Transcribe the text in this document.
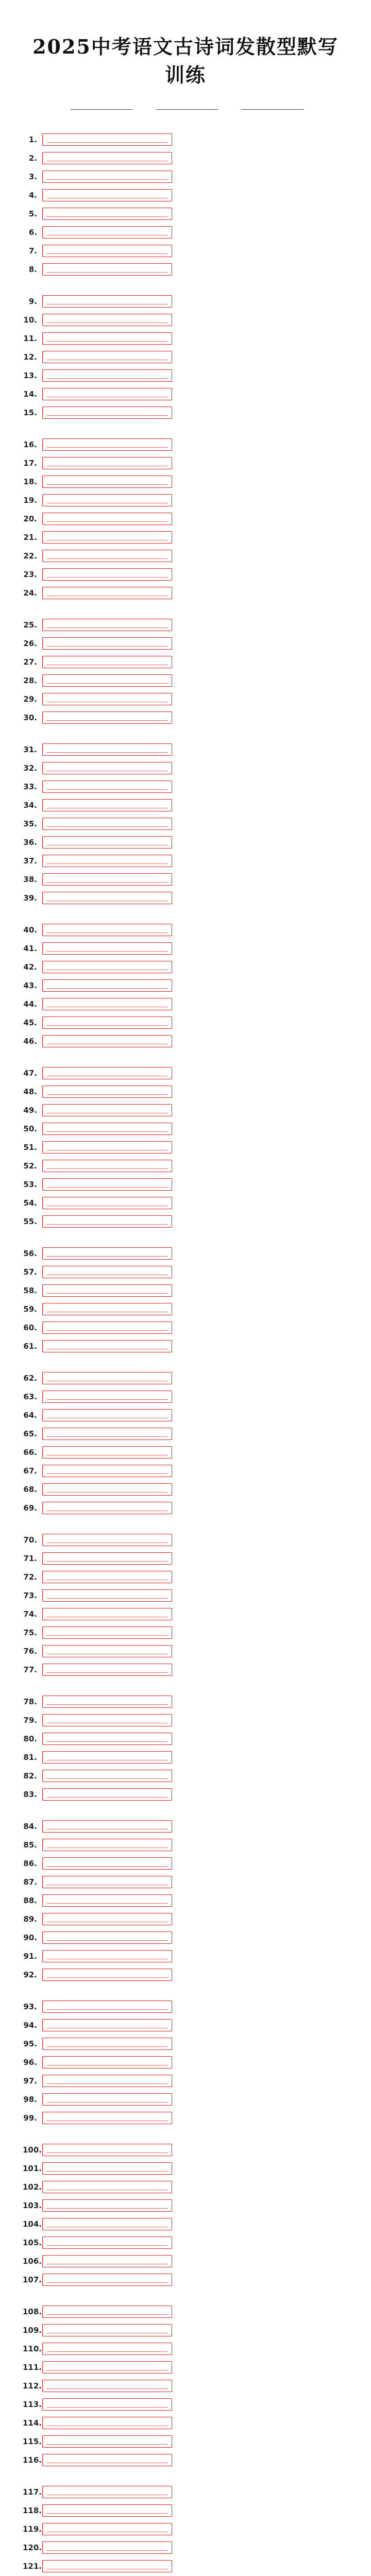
2025中考语文古诗词发散型默写训练
1.
2.
3.
4.
5.
6.
7.
8.
9.
10.
11.
12.
13.
14.
15.
16.
17.
18.
19.
20.
21.
22.
23.
24.
25.
26.
27.
28.
29.
30.
31.
32.
33.
34.
35.
36.
37.
38.
39.
40.
41.
42.
43.
44.
45.
46.
47.
48.
49.
50.
51.
52.
53.
54.
55.
56.
57.
58.
59.
60.
61.
62.
63.
64.
65.
66.
67.
68.
69.
70.
71.
72.
73.
74.
75.
76.
77.
78.
79.
80.
81.
82.
83.
84.
85.
86.
87.
88.
89.
90.
91.
92.
93.
94.
95.
96.
97.
98.
99.
100.
101.
102.
103.
104.
105.
106.
107.
108.
109.
110.
111.
112.
113.
114.
115.
116.
117.
118.
119.
120.
121.
